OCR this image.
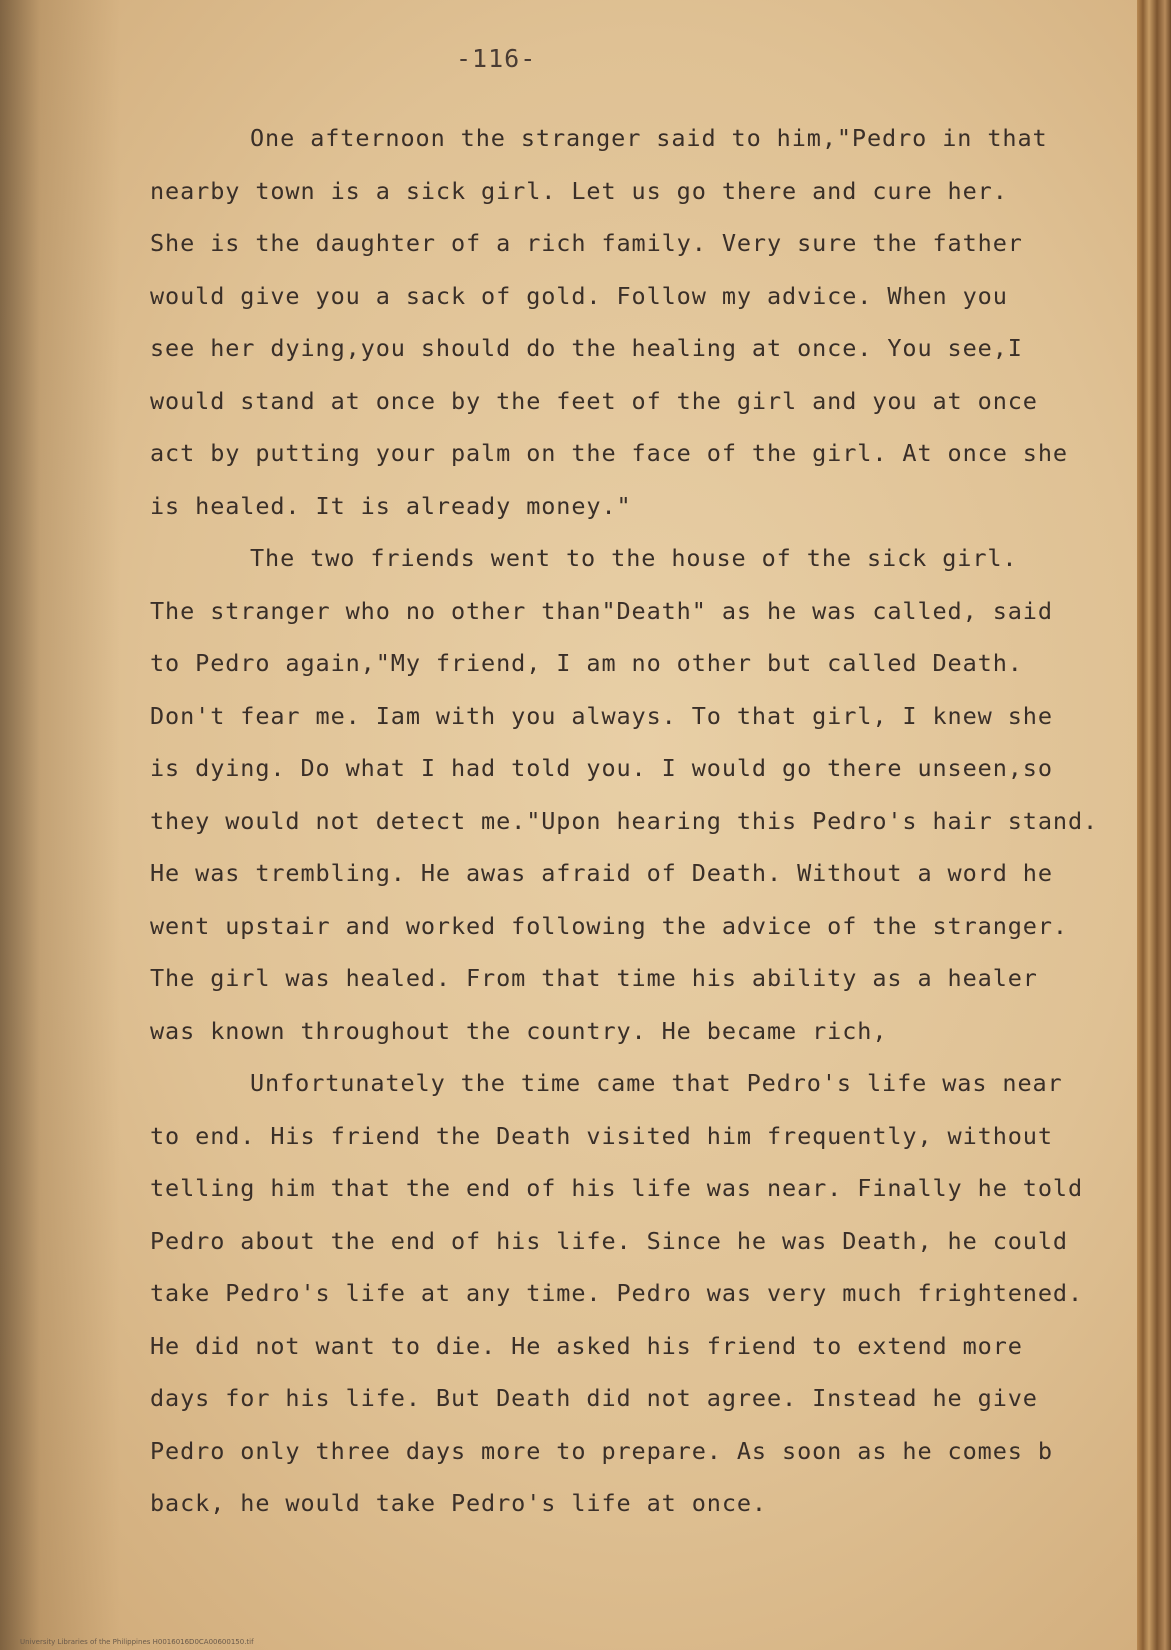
-116-
One afternoon the stranger said to him,"Pedro in that
nearby town is a sick girl. Let us go there and cure her.
She is the daughter of a rich family. Very sure the father
would give you a sack of gold. Follow my advice. When you
see her dying,you should do the healing at once. You see,I
would stand at once by the feet of the girl and you at once
act by putting your palm on the face of the girl. At once she
is healed. It is already money."
The two friends went to the house of the sick girl.
The stranger who no other than"Death" as he was called, said
to Pedro again,"My friend, I am no other but called Death.
Don't fear me. Iam with you always. To that girl, I knew she
is dying. Do what I had told you. I would go there unseen,so
they would not detect me."Upon hearing this Pedro's hair stand.
He was trembling. He awas afraid of Death. Without a word he
went upstair and worked following the advice of the stranger.
The girl was healed. From that time his ability as a healer
was known throughout the country. He became rich,
Unfortunately the time came that Pedro's life was near
to end. His friend the Death visited him frequently, without
telling him that the end of his life was near. Finally he told
Pedro about the end of his life. Since he was Death, he could
take Pedro's life at any time. Pedro was very much frightened.
He did not want to die. He asked his friend to extend more
days for his life. But Death did not agree. Instead he give
Pedro only three days more to prepare. As soon as he comes b
back, he would take Pedro's life at once.
University Libraries of the Philippines H0016016D0CA00600150.tif
